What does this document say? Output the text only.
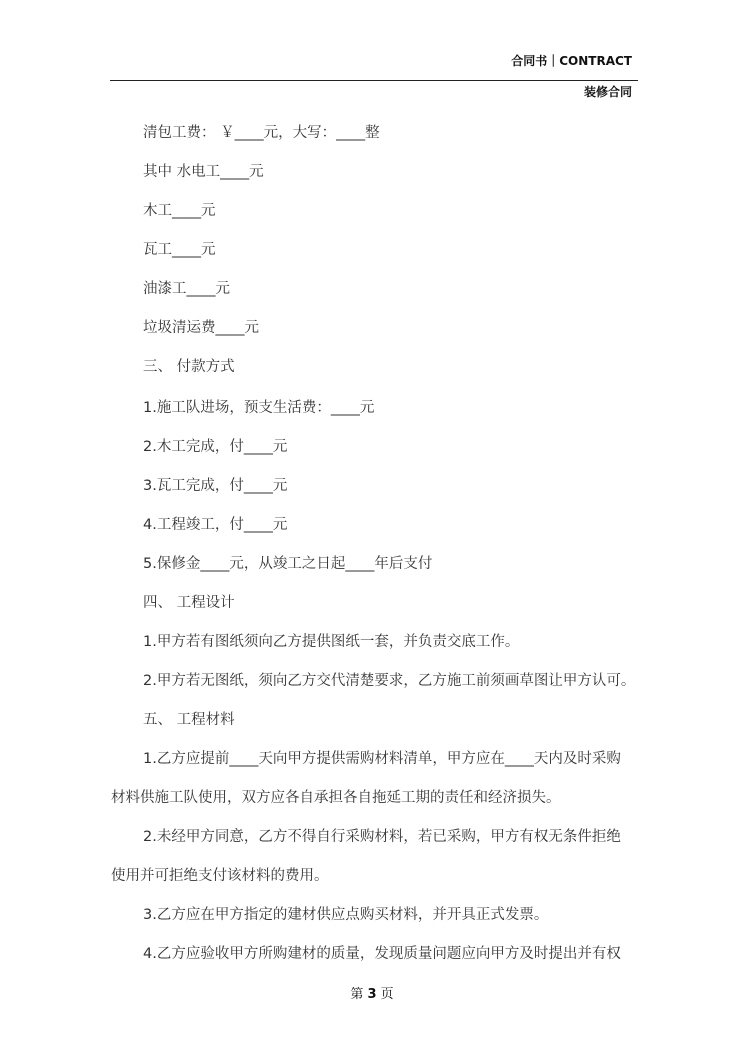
合同书｜CONTRACT
装修合同
清包工费： ￥____元，大写：____整
其中 水电工____元
木工____元
瓦工____元
油漆工____元
垃圾清运费____元
三、 付款方式
1.施工队进场，预支生活费：____元
2.木工完成，付____元
3.瓦工完成，付____元
4.工程竣工，付____元
5.保修金____元，从竣工之日起____年后支付
四、 工程设计
1.甲方若有图纸须向乙方提供图纸一套，并负责交底工作。
2.甲方若无图纸，须向乙方交代清楚要求，乙方施工前须画草图让甲方认可。
五、 工程材料
1.乙方应提前____天向甲方提供需购材料清单，甲方应在____天内及时采购
材料供施工队使用，双方应各自承担各自拖延工期的责任和经济损失。
2.未经甲方同意，乙方不得自行采购材料，若已采购，甲方有权无条件拒绝
使用并可拒绝支付该材料的费用。
3.乙方应在甲方指定的建材供应点购买材料，并开具正式发票。
4.乙方应验收甲方所购建材的质量，发现质量问题应向甲方及时提出并有权
第 3 页
